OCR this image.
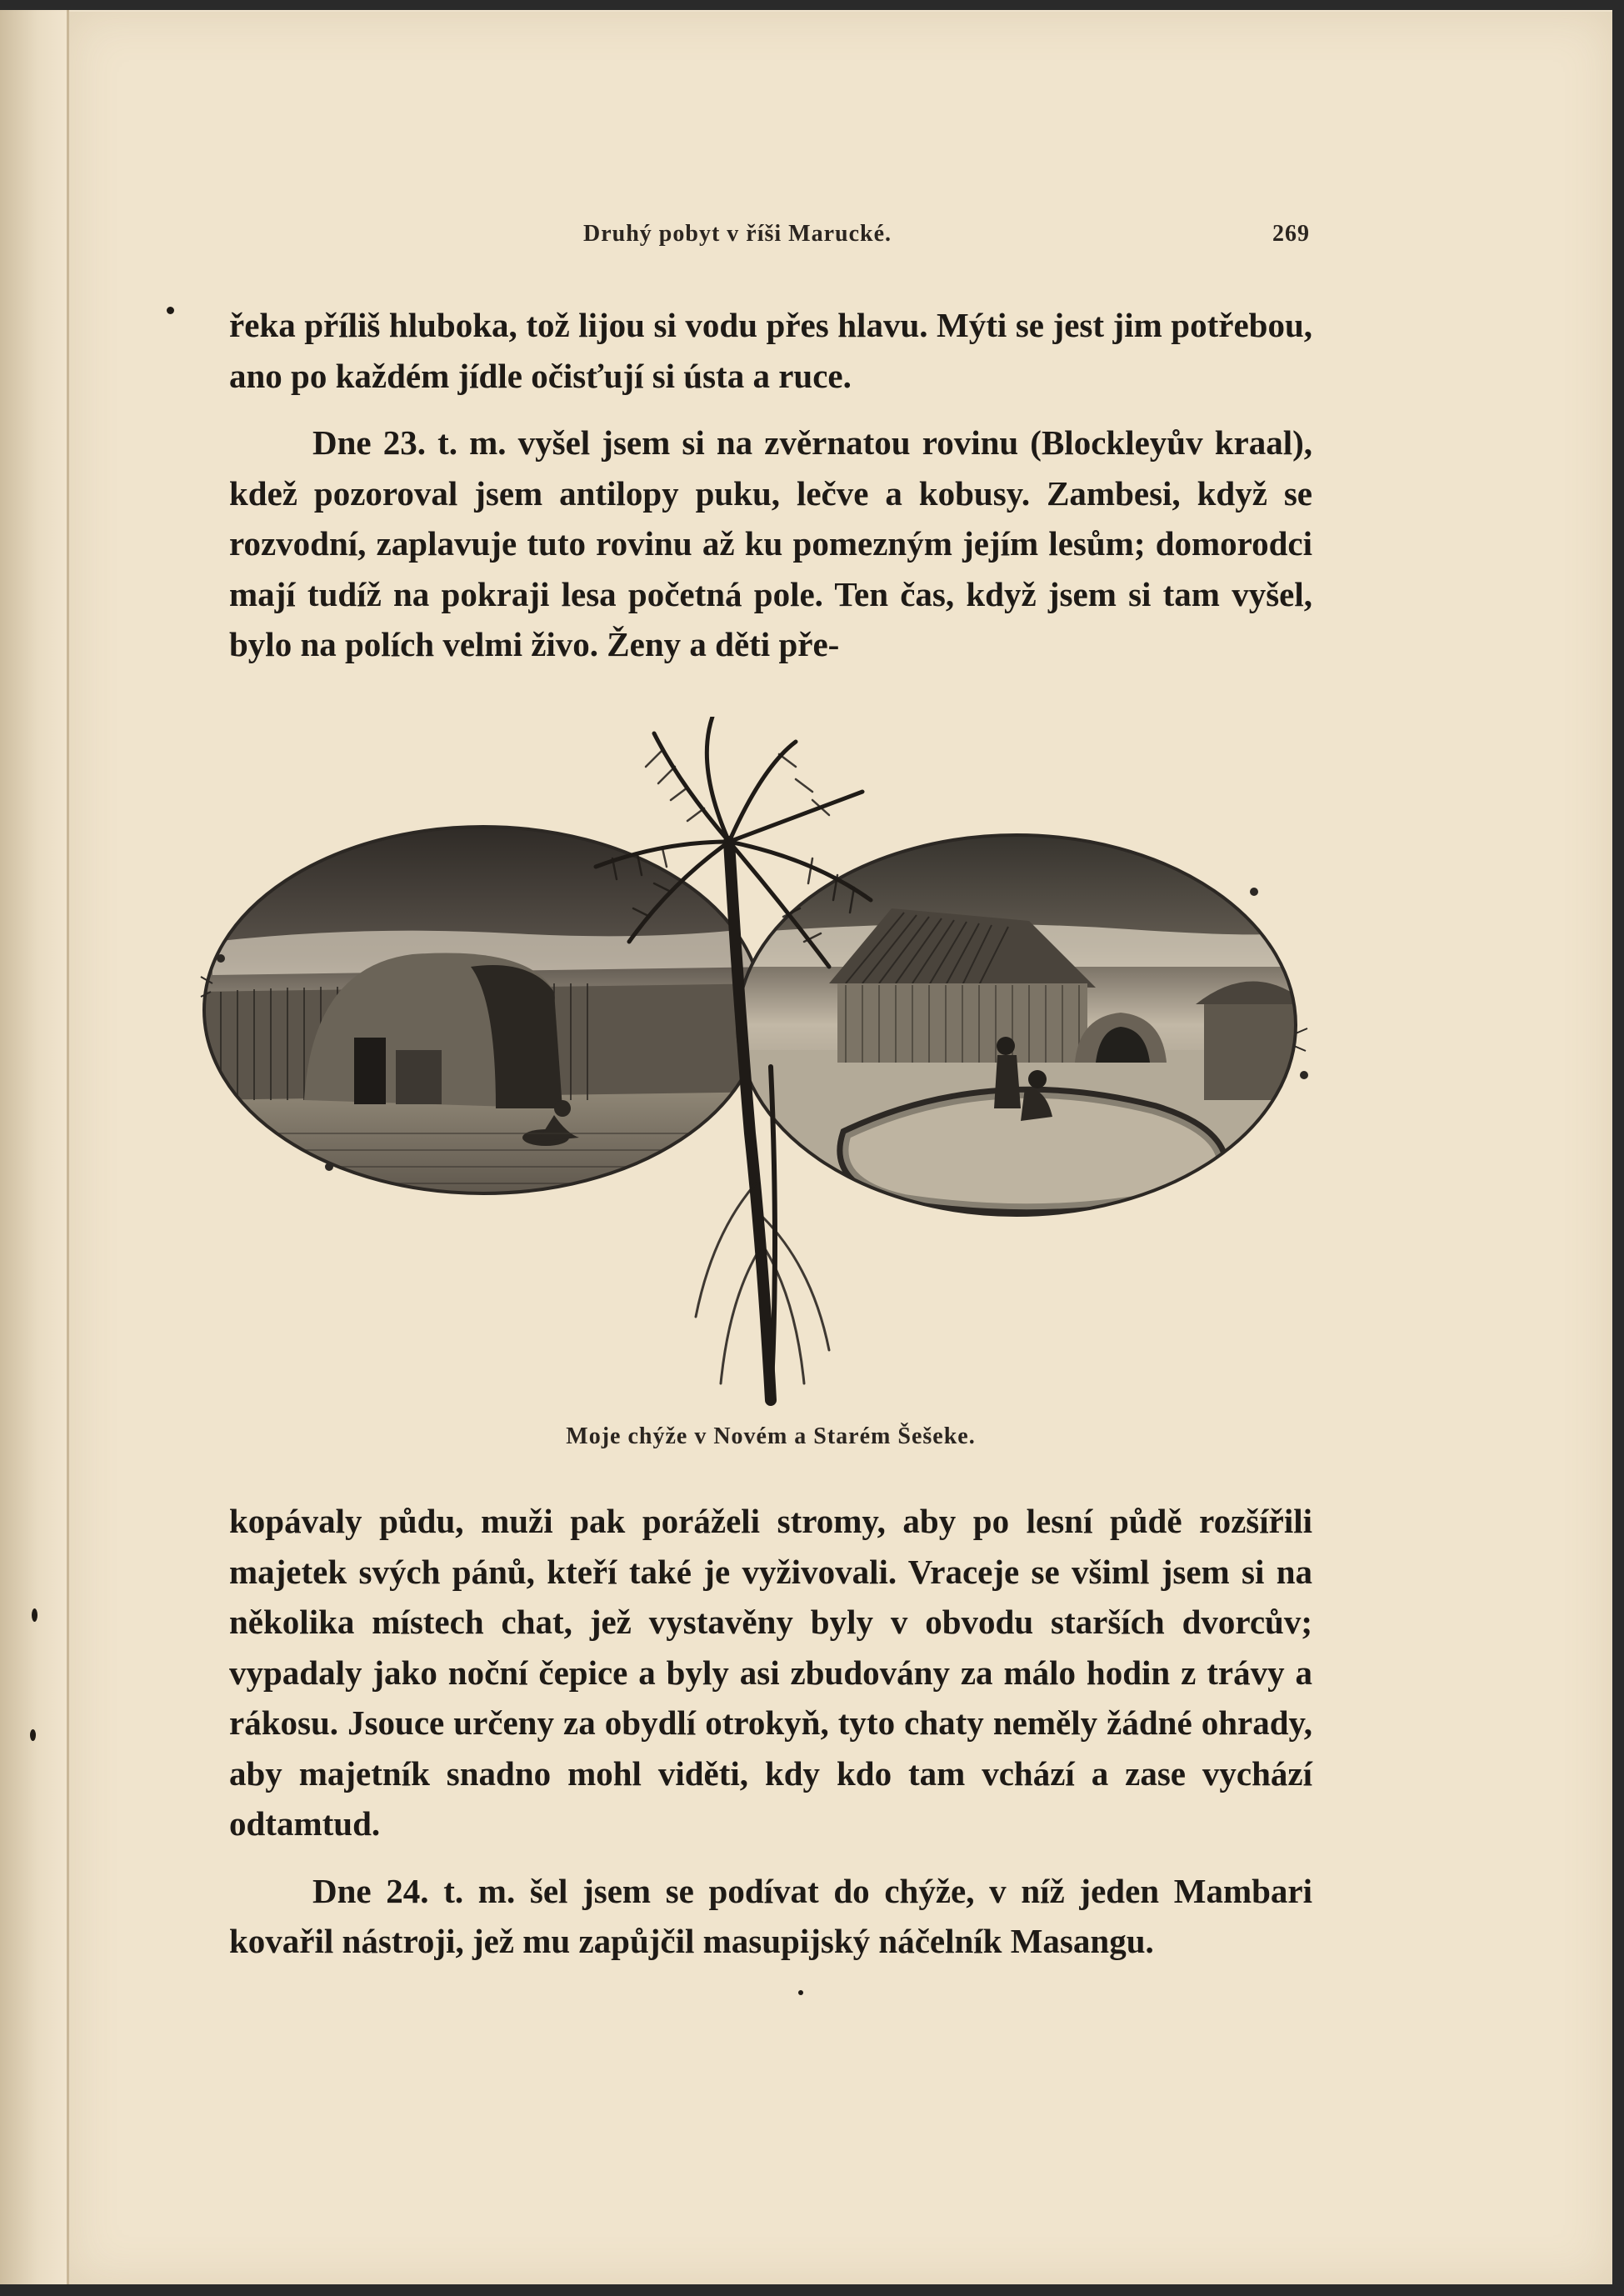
Druhý pobyt v říši Marucké.	269

řeka příliš hluboka, tož lijou si vodu přes hlavu. Mýti se jest jim potřebou, ano po každém jídle očisťují si ústa a ruce.

Dne 23. t. m. vyšel jsem si na zvěrnatou rovinu (Blockleyův kraal), kdež pozoroval jsem antilopy puku, lečve a kobusy. Zambesi, když se rozvodní, zaplavuje tuto rovinu až ku pomezným jejím lesům; domorodci mají tudíž na pokraji lesa početná pole. Ten čas, když jsem si tam vyšel, bylo na polích velmi živo. Ženy a děti pře-

Moje chýže v Novém a Starém Šešeke.

kopávaly půdu, muži pak poráželi stromy, aby po lesní půdě rozšířili majetek svých pánů, kteří také je vyživovali. Vraceje se všiml jsem si na několika místech chat, jež vystavěny byly v obvodu starších dvorcův; vypadaly jako noční čepice a byly asi zbudovány za málo hodin z trávy a rákosu. Jsouce určeny za obydlí otrokyň, tyto chaty neměly žádné ohrady, aby majetník snadno mohl viděti, kdy kdo tam vchází a zase vychází odtamtud.

Dne 24. t. m. šel jsem se podívat do chýže, v níž jeden Mambari kovařil nástroji, jež mu zapůjčil masupijský náčelník Masangu.
